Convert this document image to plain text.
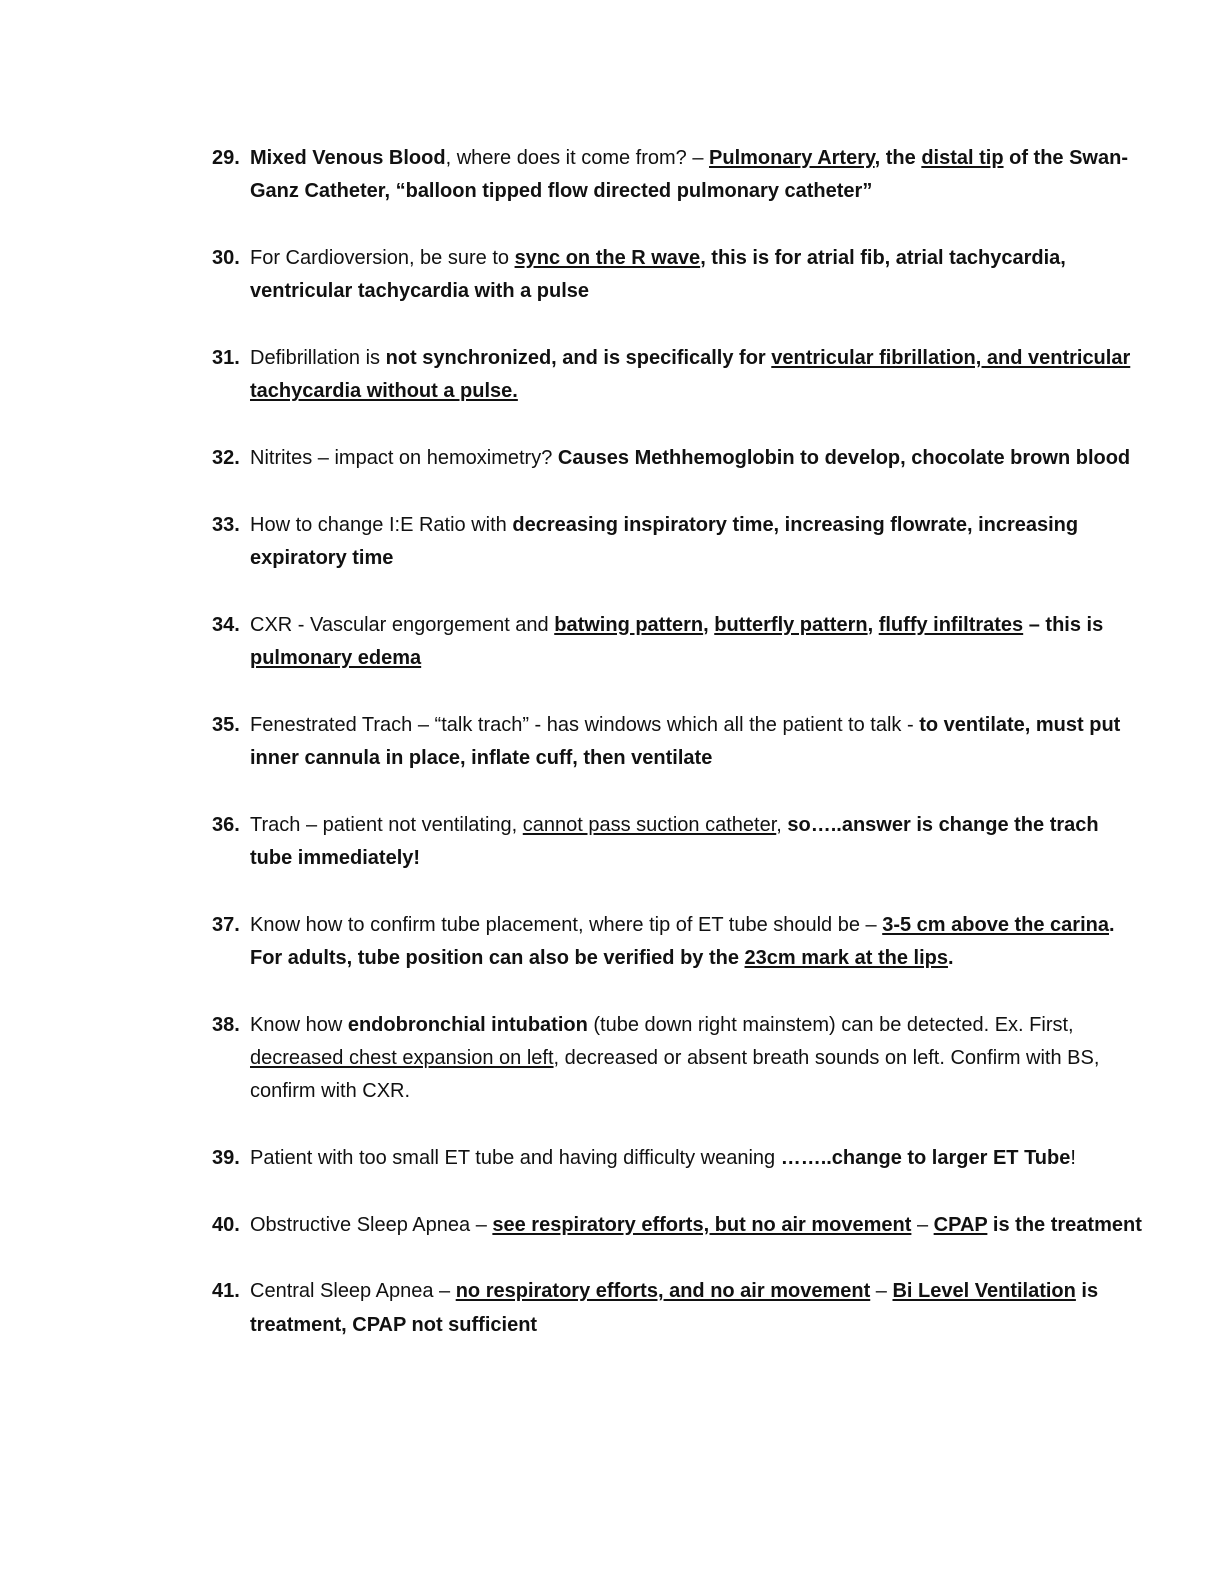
29. Mixed Venous Blood, where does it come from? – Pulmonary Artery, the distal tip of the Swan-Ganz Catheter, “balloon tipped flow directed pulmonary catheter”
30. For Cardioversion, be sure to sync on the R wave, this is for atrial fib, atrial tachycardia, ventricular tachycardia with a pulse
31. Defibrillation is not synchronized, and is specifically for ventricular fibrillation, and ventricular tachycardia without a pulse.
32. Nitrites – impact on hemoximetry? Causes Methhemoglobin to develop, chocolate brown blood
33. How to change I:E Ratio with decreasing inspiratory time, increasing flowrate, increasing expiratory time
34. CXR - Vascular engorgement and batwing pattern, butterfly pattern, fluffy infiltrates – this is pulmonary edema
35. Fenestrated Trach – “talk trach” - has windows which all the patient to talk - to ventilate, must put inner cannula in place, inflate cuff, then ventilate
36. Trach – patient not ventilating, cannot pass suction catheter, so…..answer is change the trach tube immediately!
37. Know how to confirm tube placement, where tip of ET tube should be – 3-5 cm above the carina. For adults, tube position can also be verified by the 23cm mark at the lips.
38. Know how endobronchial intubation (tube down right mainstem) can be detected. Ex. First, decreased chest expansion on left, decreased or absent breath sounds on left. Confirm with BS, confirm with CXR.
39. Patient with too small ET tube and having difficulty weaning ……..change to larger ET Tube!
40. Obstructive Sleep Apnea – see respiratory efforts, but no air movement – CPAP is the treatment
41. Central Sleep Apnea – no respiratory efforts, and no air movement – Bi Level Ventilation is treatment, CPAP not sufficient
